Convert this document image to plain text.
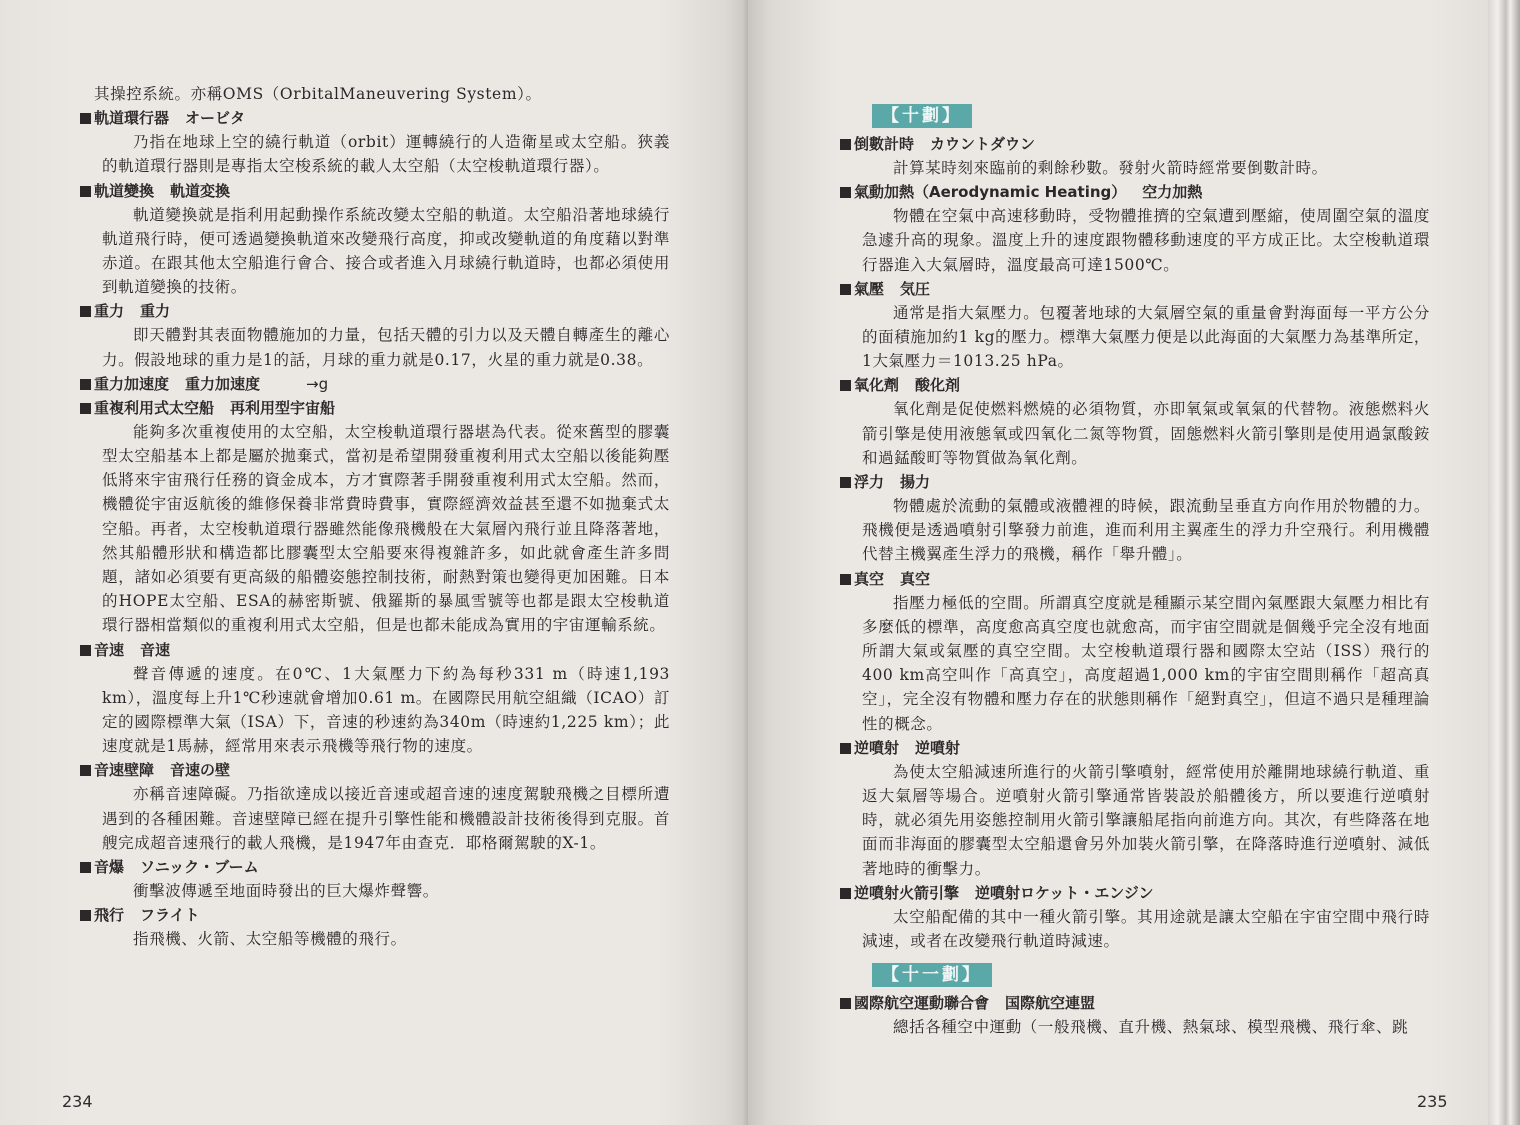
其操控系統。亦稱OMS（OrbitalManeuvering System）。

軌道環行器 オービタ

乃指在地球上空的繞行軌道（orbit）運轉繞行的人造衛星或太空船。狹義的軌道環行器則是專指太空梭系統的載人太空船（太空梭軌道環行器）。

軌道變換 軌道変換

軌道變換就是指利用起動操作系統改變太空船的軌道。太空船沿著地球繞行軌道飛行時，便可透過變換軌道來改變飛行高度，抑或改變軌道的角度藉以對準赤道。在跟其他太空船進行會合、接合或者進入月球繞行軌道時，也都必須使用到軌道變換的技術。

重力 重力

即天體對其表面物體施加的力量，包括天體的引力以及天體自轉產生的離心力。假設地球的重力是1的話，月球的重力就是0.17，火星的重力就是0.38。

重力加速度 重力加速度	→g

重複利用式太空船 再利用型宇宙船

能夠多次重複使用的太空船，太空梭軌道環行器堪為代表。從來舊型的膠囊型太空船基本上都是屬於拋棄式，當初是希望開發重複利用式太空船以後能夠壓低將來宇宙飛行任務的資金成本，方才實際著手開發重複利用式太空船。然而，機體從宇宙返航後的維修保養非常費時費事，實際經濟效益甚至還不如拋棄式太空船。再者，太空梭軌道環行器雖然能像飛機般在大氣層內飛行並且降落著地，然其船體形狀和構造都比膠囊型太空船要來得複雜許多，如此就會產生許多問題，諸如必須要有更高級的船體姿態控制技術，耐熱對策也變得更加困難。日本的HOPE太空船、ESA的赫密斯號、俄羅斯的暴風雪號等也都是跟太空梭軌道環行器相當類似的重複利用式太空船，但是也都未能成為實用的宇宙運輸系統。

音速 音速

聲音傳遞的速度。在0℃、1大氣壓力下約為每秒331 m（時速1,193 km），溫度每上升1℃秒速就會增加0.61 m。在國際民用航空組織（ICAO）訂定的國際標準大氣（ISA）下，音速的秒速約為340m（時速約1,225 km）；此速度就是1馬赫，經常用來表示飛機等飛行物的速度。

音速壁障 音速の壁

亦稱音速障礙。乃指欲達成以接近音速或超音速的速度駕駛飛機之目標所遭遇到的各種困難。音速壁障已經在提升引擎性能和機體設計技術後得到克服。首艘完成超音速飛行的載人飛機，是1947年由查克．耶格爾駕駛的X-1。

音爆 ソニック・ブーム

衝擊波傳遞至地面時發出的巨大爆炸聲響。

飛行 フライト

指飛機、火箭、太空船等機體的飛行。

【十劃】

倒數計時 カウントダウン

計算某時刻來臨前的剩餘秒數。發射火箭時經常要倒數計時。

氣動加熱（Aerodynamic Heating） 空力加熱

物體在空氣中高速移動時，受物體推擠的空氣遭到壓縮，使周圍空氣的溫度急遽升高的現象。溫度上升的速度跟物體移動速度的平方成正比。太空梭軌道環行器進入大氣層時，溫度最高可達1500℃。

氣壓 気圧

通常是指大氣壓力。包覆著地球的大氣層空氣的重量會對海面每一平方公分的面積施加約1 kg的壓力。標準大氣壓力便是以此海面的大氣壓力為基準所定，1大氣壓力＝1013.25 hPa。

氧化劑 酸化剤

氧化劑是促使燃料燃燒的必須物質，亦即氧氣或氧氣的代替物。液態燃料火箭引擎是使用液態氧或四氧化二氮等物質，固態燃料火箭引擎則是使用過氯酸銨和過錳酸町等物質做為氧化劑。

浮力 揚力

物體處於流動的氣體或液體裡的時候，跟流動呈垂直方向作用於物體的力。飛機便是透過噴射引擎發力前進，進而利用主翼產生的浮力升空飛行。利用機體代替主機翼產生浮力的飛機，稱作「舉升體」。

真空 真空

指壓力極低的空間。所謂真空度就是種顯示某空間內氣壓跟大氣壓力相比有多麼低的標準，高度愈高真空度也就愈高，而宇宙空間就是個幾乎完全沒有地面所謂大氣或氣壓的真空空間。太空梭軌道環行器和國際太空站（ISS）飛行的400 km高空叫作「高真空」，高度超過1,000 km的宇宙空間則稱作「超高真空」，完全沒有物體和壓力存在的狀態則稱作「絕對真空」，但這不過只是種理論性的概念。

逆噴射 逆噴射

為使太空船減速所進行的火箭引擎噴射，經常使用於離開地球繞行軌道、重返大氣層等場合。逆噴射火箭引擎通常皆裝設於船體後方，所以要進行逆噴射時，就必須先用姿態控制用火箭引擎讓船尾指向前進方向。其次，有些降落在地面而非海面的膠囊型太空船還會另外加裝火箭引擎，在降落時進行逆噴射、減低著地時的衝擊力。

逆噴射火箭引擎 逆噴射ロケット・エンジン

太空船配備的其中一種火箭引擎。其用途就是讓太空船在宇宙空間中飛行時減速，或者在改變飛行軌道時減速。

【十一劃】

國際航空運動聯合會 国際航空連盟

總括各種空中運動（一般飛機、直升機、熱氣球、模型飛機、飛行傘、跳

234	235
